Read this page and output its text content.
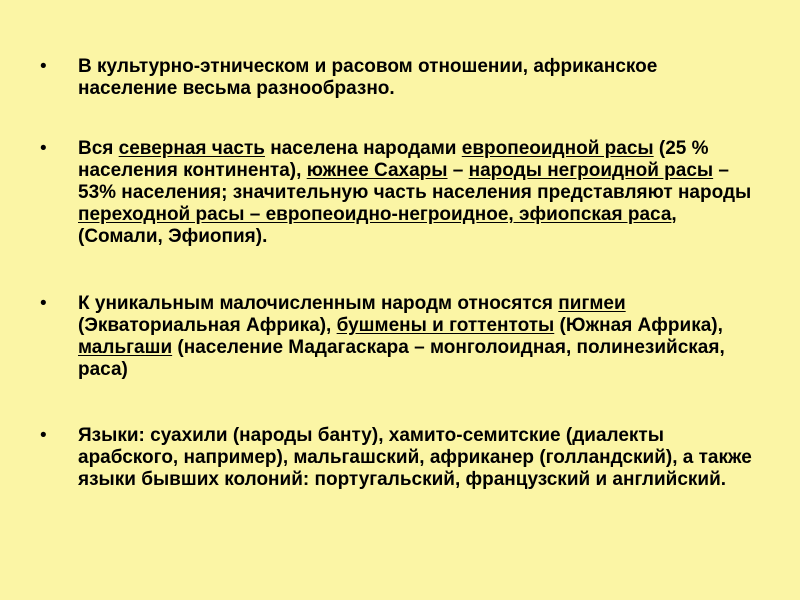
•	В культурно-этническом и расовом отношении, африканское население весьма разнообразно.
•	Вся северная часть населена народами европеоидной расы (25 % населения континента), южнее Сахары – народы негроидной расы – 53% населения; значительную часть населения представляют народы переходной расы – европеоидно-негроидное, эфиопская раса, (Сомали, Эфиопия).
•	К уникальным малочисленным народм относятся пигмеи (Экваториальная Африка), бушмены и готтентоты (Южная Африка), мальгаши (население Мадагаскара – монголоидная, полинезийская, раса)
•	Языки: суахили (народы банту), хамито-семитские (диалекты арабского, например), мальгашский, африканер (голландский), а также языки бывших колоний: португальский, французский и английский.
